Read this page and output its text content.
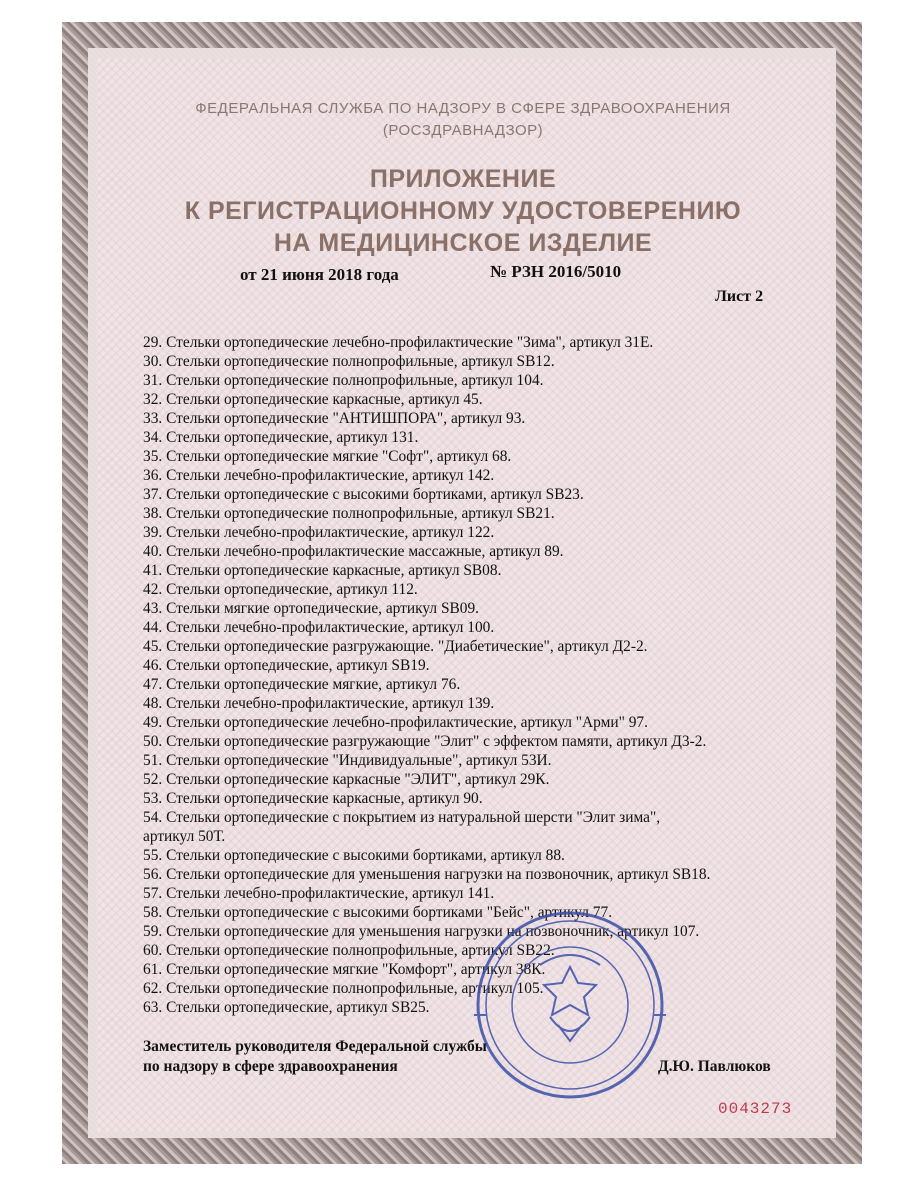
ФЕДЕРАЛЬНАЯ СЛУЖБА ПО НАДЗОРУ В СФЕРЕ ЗДРАВООХРАНЕНИЯ
(РОСЗДРАВНАДЗОР)
ПРИЛОЖЕНИЕ
К РЕГИСТРАЦИОННОМУ УДОСТОВЕРЕНИЮ
НА МЕДИЦИНСКОЕ ИЗДЕЛИЕ
от 21 июня 2018 года	№ РЗН 2016/5010
Лист 2
29. Стельки ортопедические лечебно-профилактические "Зима", артикул 31Е.
30. Стельки ортопедические полнопрофильные, артикул SB12.
31. Стельки ортопедические полнопрофильные, артикул 104.
32. Стельки ортопедические каркасные, артикул 45.
33. Стельки ортопедические "АНТИШПОРА", артикул 93.
34. Стельки ортопедические, артикул 131.
35. Стельки ортопедические мягкие "Софт", артикул 68.
36. Стельки лечебно-профилактические, артикул 142.
37. Стельки ортопедические с высокими бортиками, артикул SB23.
38. Стельки ортопедические полнопрофильные, артикул SB21.
39. Стельки лечебно-профилактические, артикул 122.
40. Стельки лечебно-профилактические массажные, артикул 89.
41. Стельки ортопедические каркасные, артикул SB08.
42. Стельки ортопедические, артикул 112.
43. Стельки мягкие ортопедические, артикул SB09.
44. Стельки лечебно-профилактические, артикул 100.
45. Стельки ортопедические разгружающие. "Диабетические", артикул Д2-2.
46. Стельки ортопедические, артикул SB19.
47. Стельки ортопедические мягкие, артикул 76.
48. Стельки лечебно-профилактические, артикул 139.
49. Стельки ортопедические лечебно-профилактические, артикул "Арми" 97.
50. Стельки ортопедические разгружающие "Элит" с эффектом памяти, артикул Д3-2.
51. Стельки ортопедические "Индивидуальные", артикул 53И.
52. Стельки ортопедические каркасные "ЭЛИТ", артикул 29К.
53. Стельки ортопедические каркасные, артикул 90.
54. Стельки ортопедические с покрытием из натуральной шерсти "Элит зима",
артикул 50Т.
55. Стельки ортопедические с высокими бортиками, артикул 88.
56. Стельки ортопедические для уменьшения нагрузки на позвоночник, артикул SB18.
57. Стельки лечебно-профилактические, артикул 141.
58. Стельки ортопедические с высокими бортиками "Бейс", артикул 77.
59. Стельки ортопедические для уменьшения нагрузки на позвоночник, артикул 107.
60. Стельки ортопедические полнопрофильные, артикул SB22.
61. Стельки ортопедические мягкие "Комфорт", артикул 38К.
62. Стельки ортопедические полнопрофильные, артикул 105.
63. Стельки ортопедические, артикул SB25.
Заместитель руководителя Федеральной службы
по надзору в сфере здравоохранения	Д.Ю. Павлюков
0043273
